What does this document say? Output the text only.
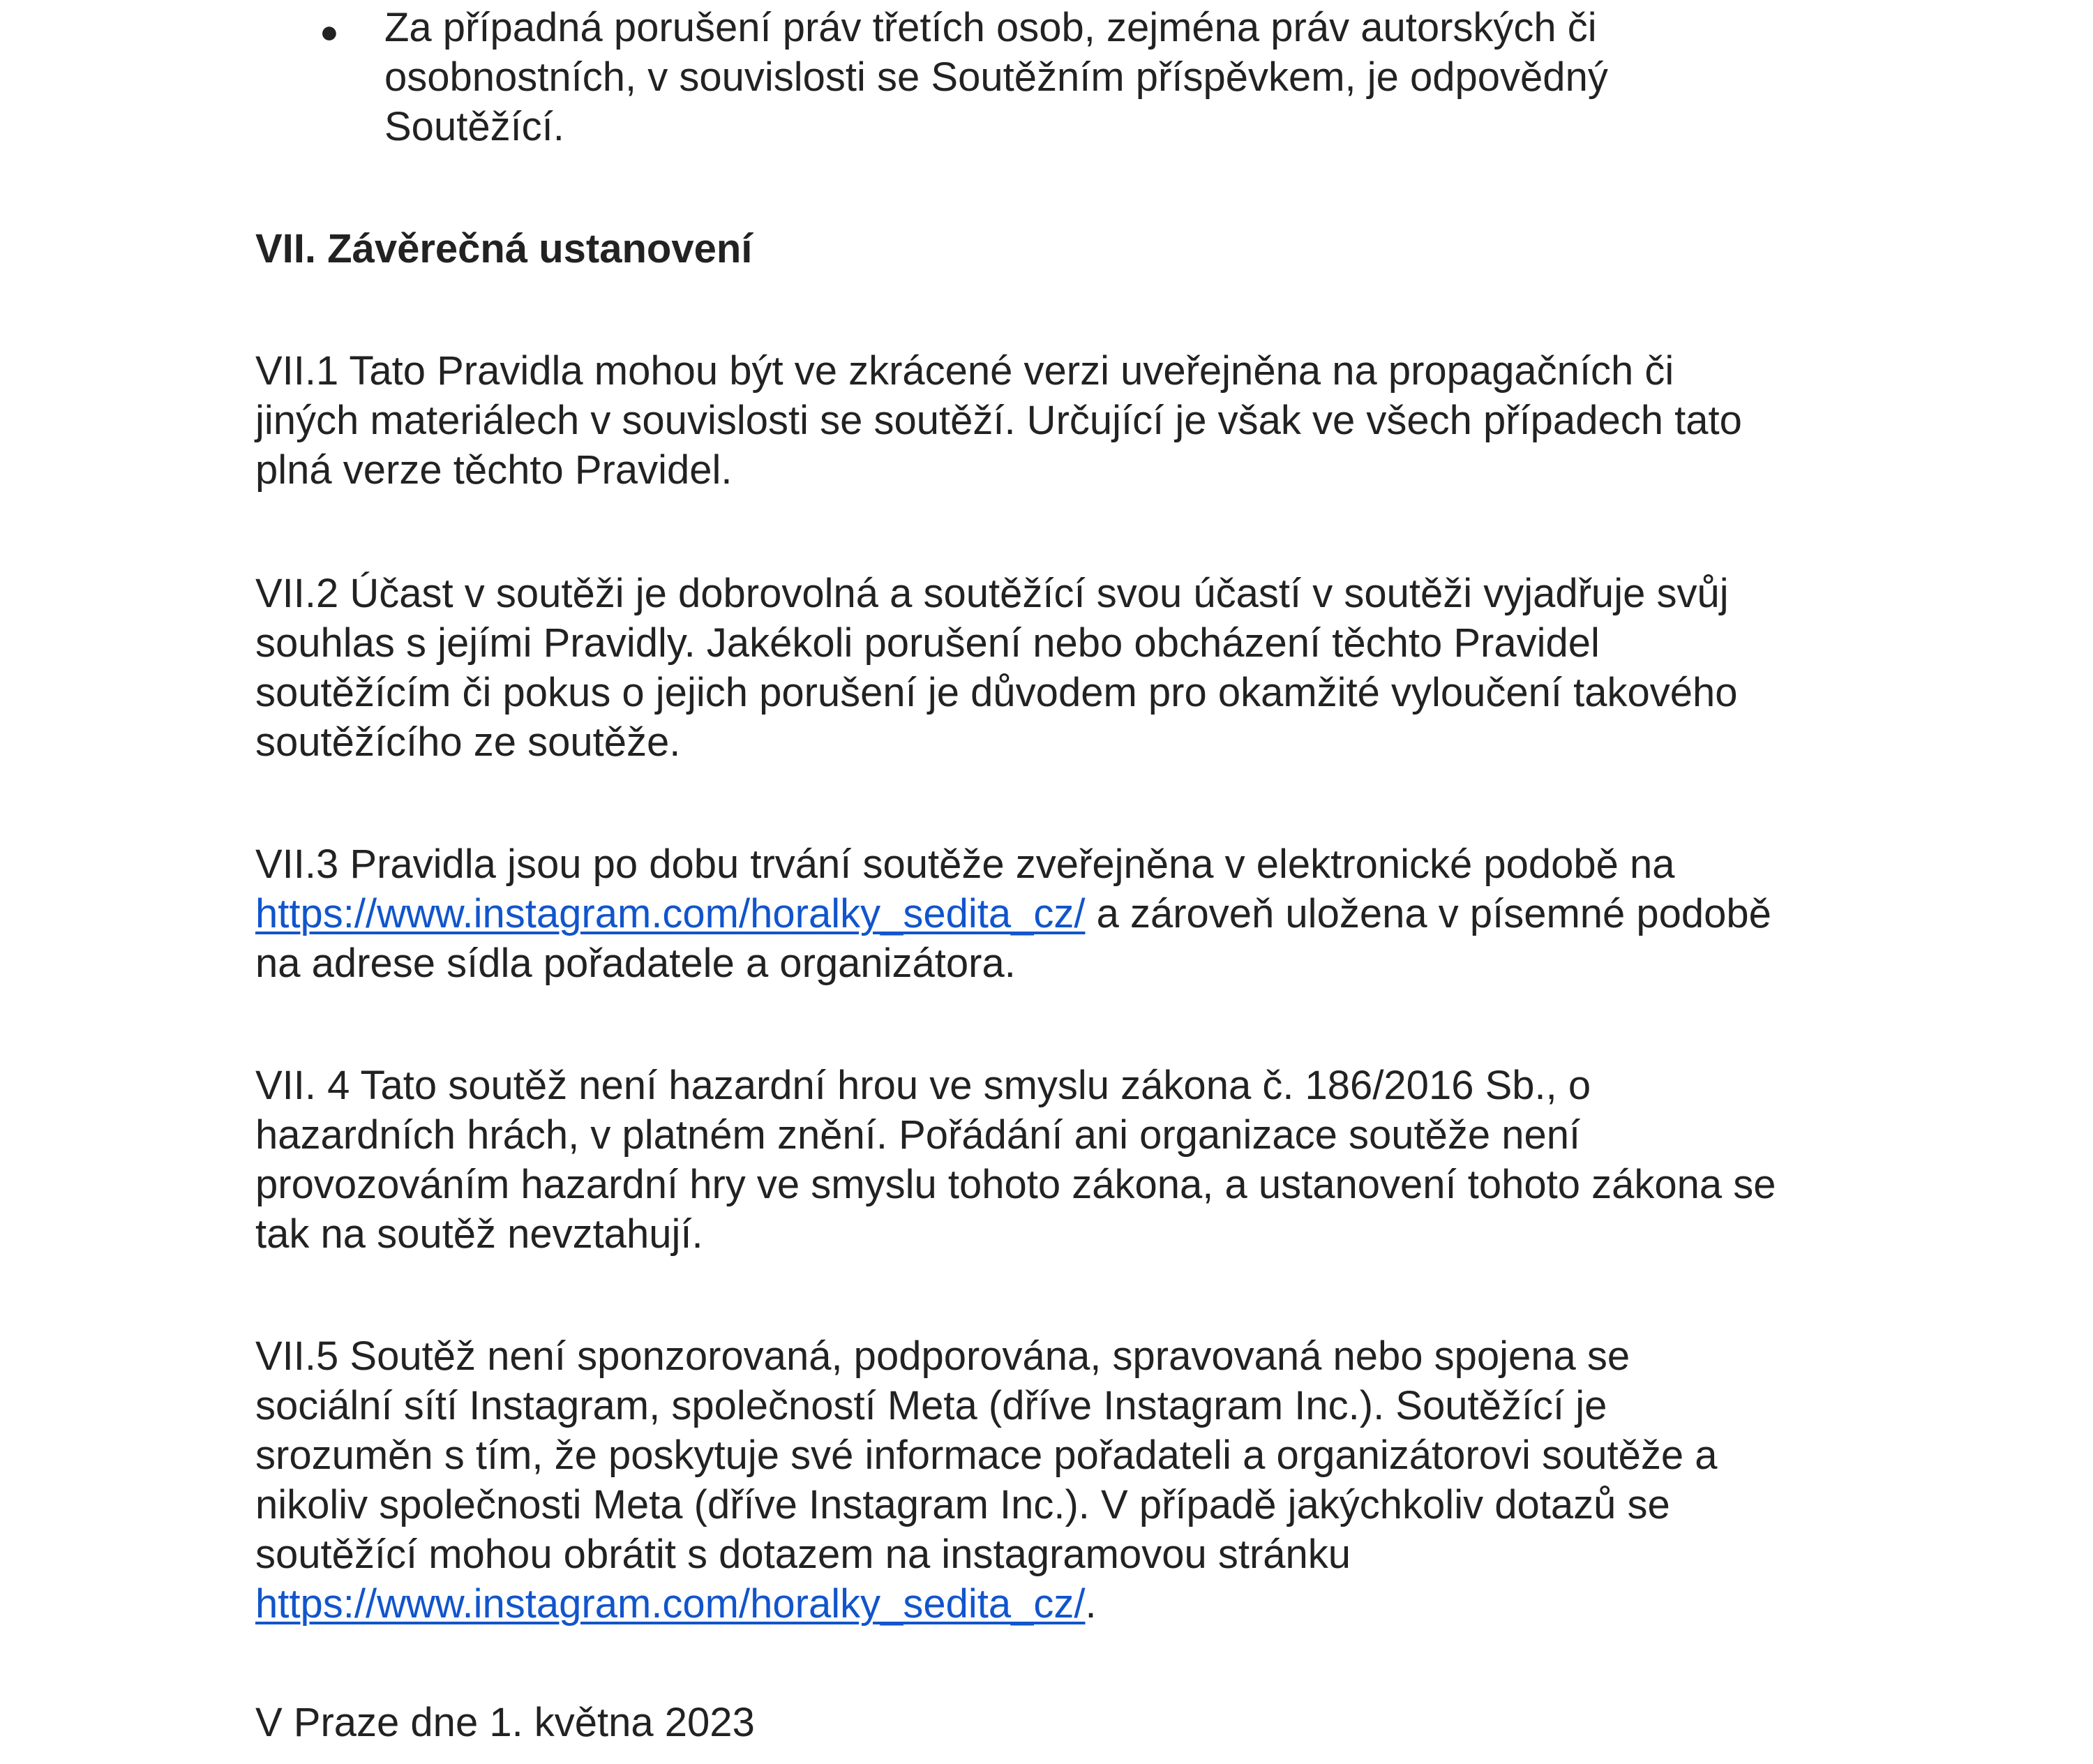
● Za případná porušení práv třetích osob, zejména práv autorských či
osobnostních, v souvislosti se Soutěžním příspěvkem, je odpovědný
Soutěžící.
VII. Závěrečná ustanovení
VII.1 Tato Pravidla mohou být ve zkrácené verzi uveřejněna na propagačních či
jiných materiálech v souvislosti se soutěží. Určující je však ve všech případech tato
plná verze těchto Pravidel.
VII.2 Účast v soutěži je dobrovolná a soutěžící svou účastí v soutěži vyjadřuje svůj
souhlas s jejími Pravidly. Jakékoli porušení nebo obcházení těchto Pravidel
soutěžícím či pokus o jejich porušení je důvodem pro okamžité vyloučení takového
soutěžícího ze soutěže.
VII.3 Pravidla jsou po dobu trvání soutěže zveřejněna v elektronické podobě na
https://www.instagram.com/horalky_sedita_cz/ a zároveň uložena v písemné podobě
na adrese sídla pořadatele a organizátora.
VII. 4 Tato soutěž není hazardní hrou ve smyslu zákona č. 186/2016 Sb., o
hazardních hrách, v platném znění. Pořádání ani organizace soutěže není
provozováním hazardní hry ve smyslu tohoto zákona, a ustanovení tohoto zákona se
tak na soutěž nevztahují.
VII.5 Soutěž není sponzorovaná, podporována, spravovaná nebo spojena se
sociální sítí Instagram, společností Meta (dříve Instagram Inc.). Soutěžící je
srozuměn s tím, že poskytuje své informace pořadateli a organizátorovi soutěže a
nikoliv společnosti Meta (dříve Instagram Inc.). V případě jakýchkoliv dotazů se
soutěžící mohou obrátit s dotazem na instagramovou stránku
https://www.instagram.com/horalky_sedita_cz/.
V Praze dne 1. května 2023
